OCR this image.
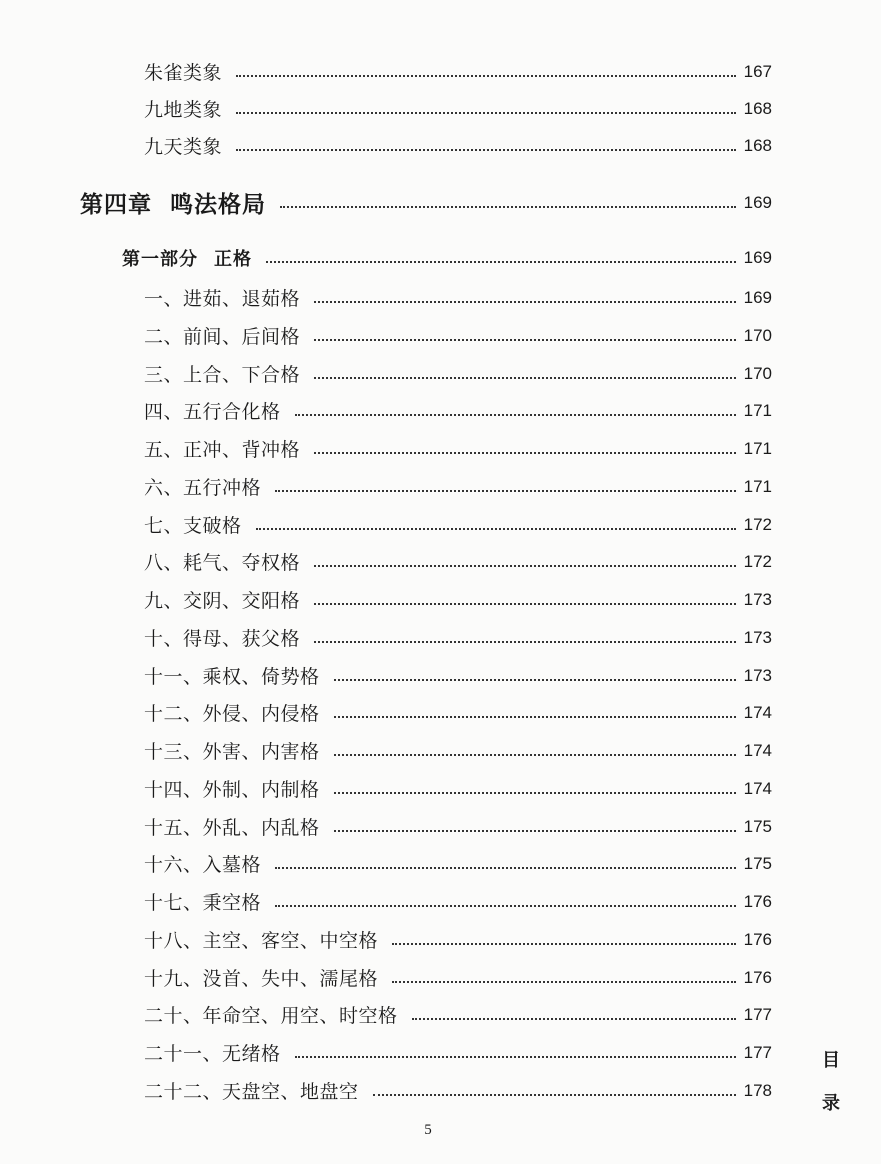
朱雀类象	167
九地类象	168
九天类象	168
第四章 鸣法格局	169
第一部分 正格	169
一、进茹、退茹格	169
二、前间、后间格	170
三、上合、下合格	170
四、五行合化格	171
五、正冲、背冲格	171
六、五行冲格	171
七、支破格	172
八、耗气、夺权格	172
九、交阴、交阳格	173
十、得母、获父格	173
十一、乘权、倚势格	173
十二、外侵、内侵格	174
十三、外害、内害格	174
十四、外制、内制格	174
十五、外乱、内乱格	175
十六、入墓格	175
十七、秉空格	176
十八、主空、客空、中空格	176
十九、没首、失中、濡尾格	176
二十、年命空、用空、时空格	177
二十一、无绪格	177
二十二、天盘空、地盘空	178
目
录
5
